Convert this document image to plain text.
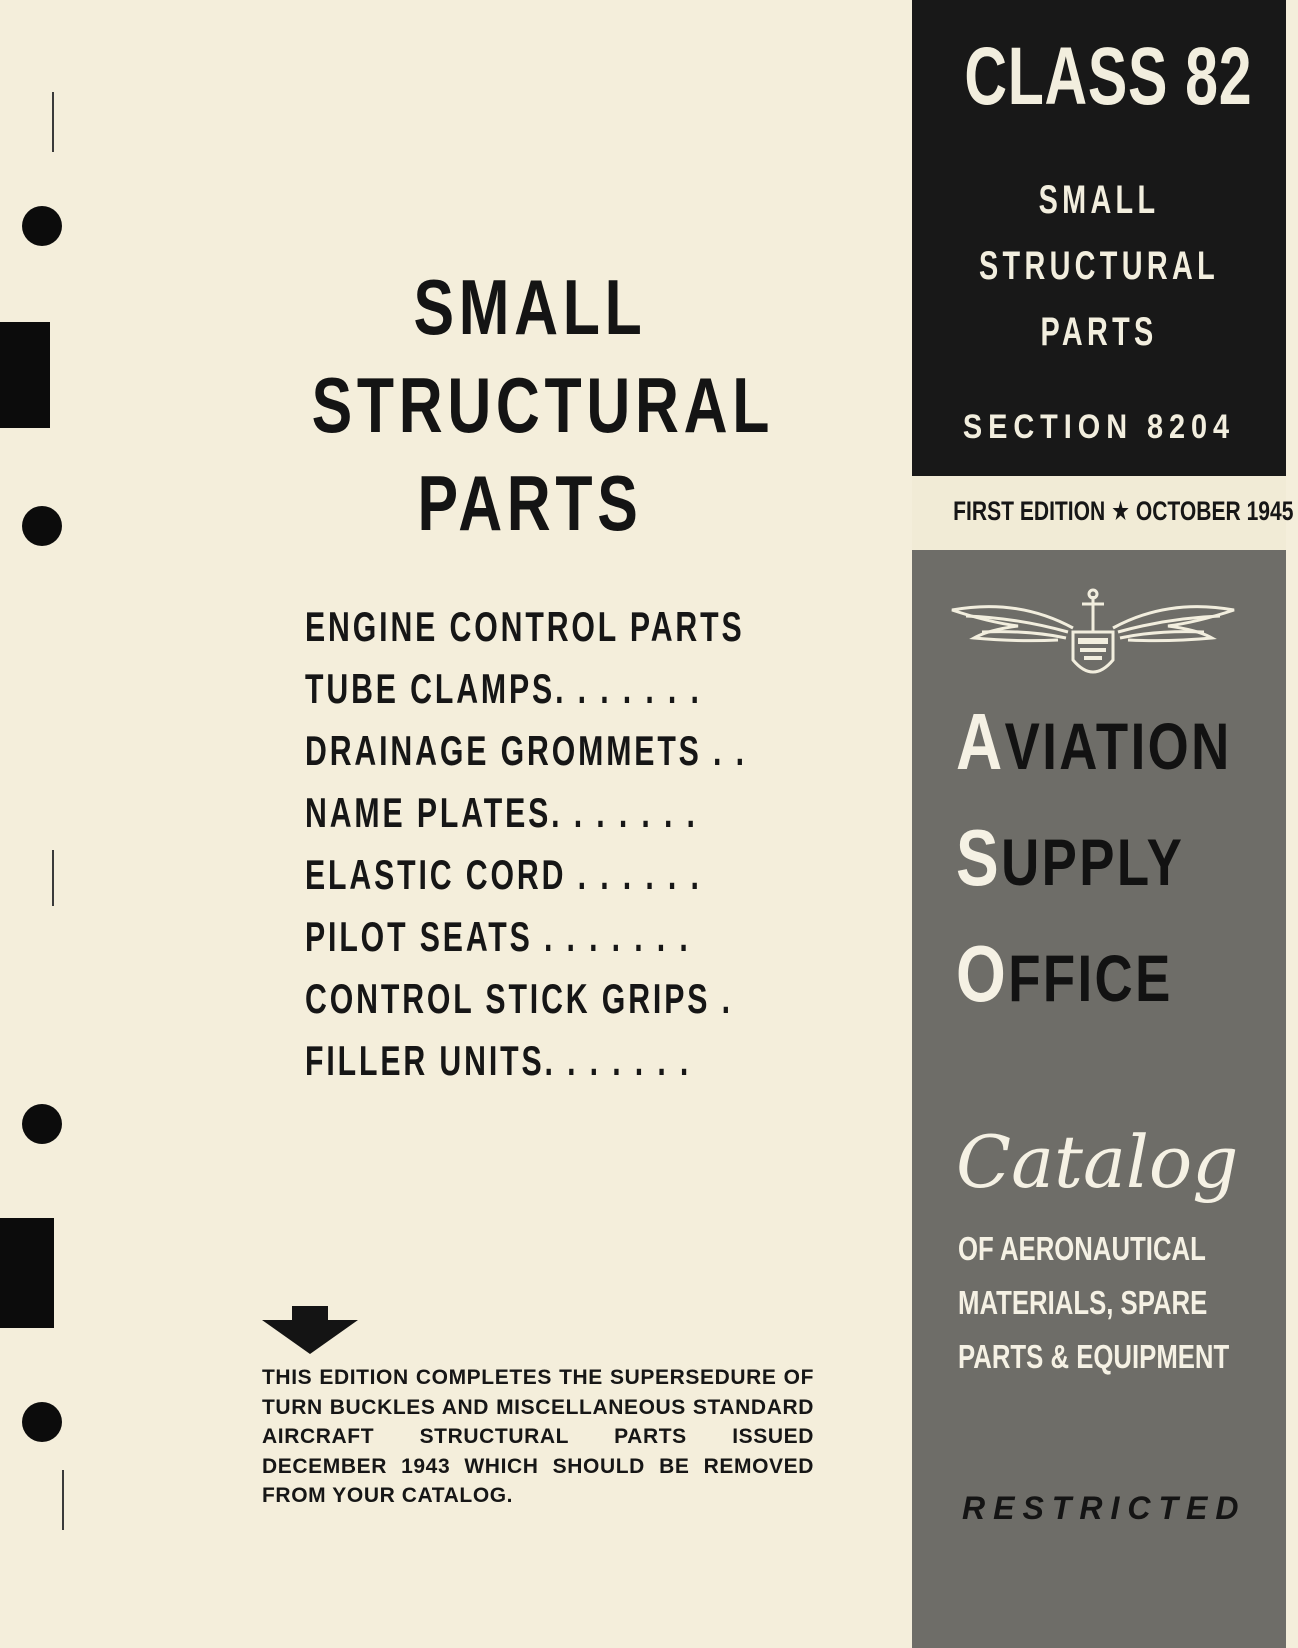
SMALL
STRUCTURAL
PARTS
ENGINE CONTROL PARTS
TUBE CLAMPS. . . . . . .
DRAINAGE GROMMETS . .
NAME PLATES. . . . . . .
ELASTIC CORD . . . . . .
PILOT SEATS . . . . . . .
CONTROL STICK GRIPS .
FILLER UNITS. . . . . . .
THIS EDITION COMPLETES THE SUPERSEDURE OF TURN BUCKLES AND MISCELLANEOUS STANDARD AIRCRAFT STRUCTURAL PARTS ISSUED DECEMBER 1943 WHICH SHOULD BE REMOVED FROM YOUR CATALOG.
CLASS 82
SMALL
STRUCTURAL
PARTS
SECTION 8204
FIRST EDITION ★ OCTOBER 1945
AVIATION
SUPPLY
OFFICE
Catalog
OF AERONAUTICAL
MATERIALS, SPARE
PARTS & EQUIPMENT
RESTRICTED
